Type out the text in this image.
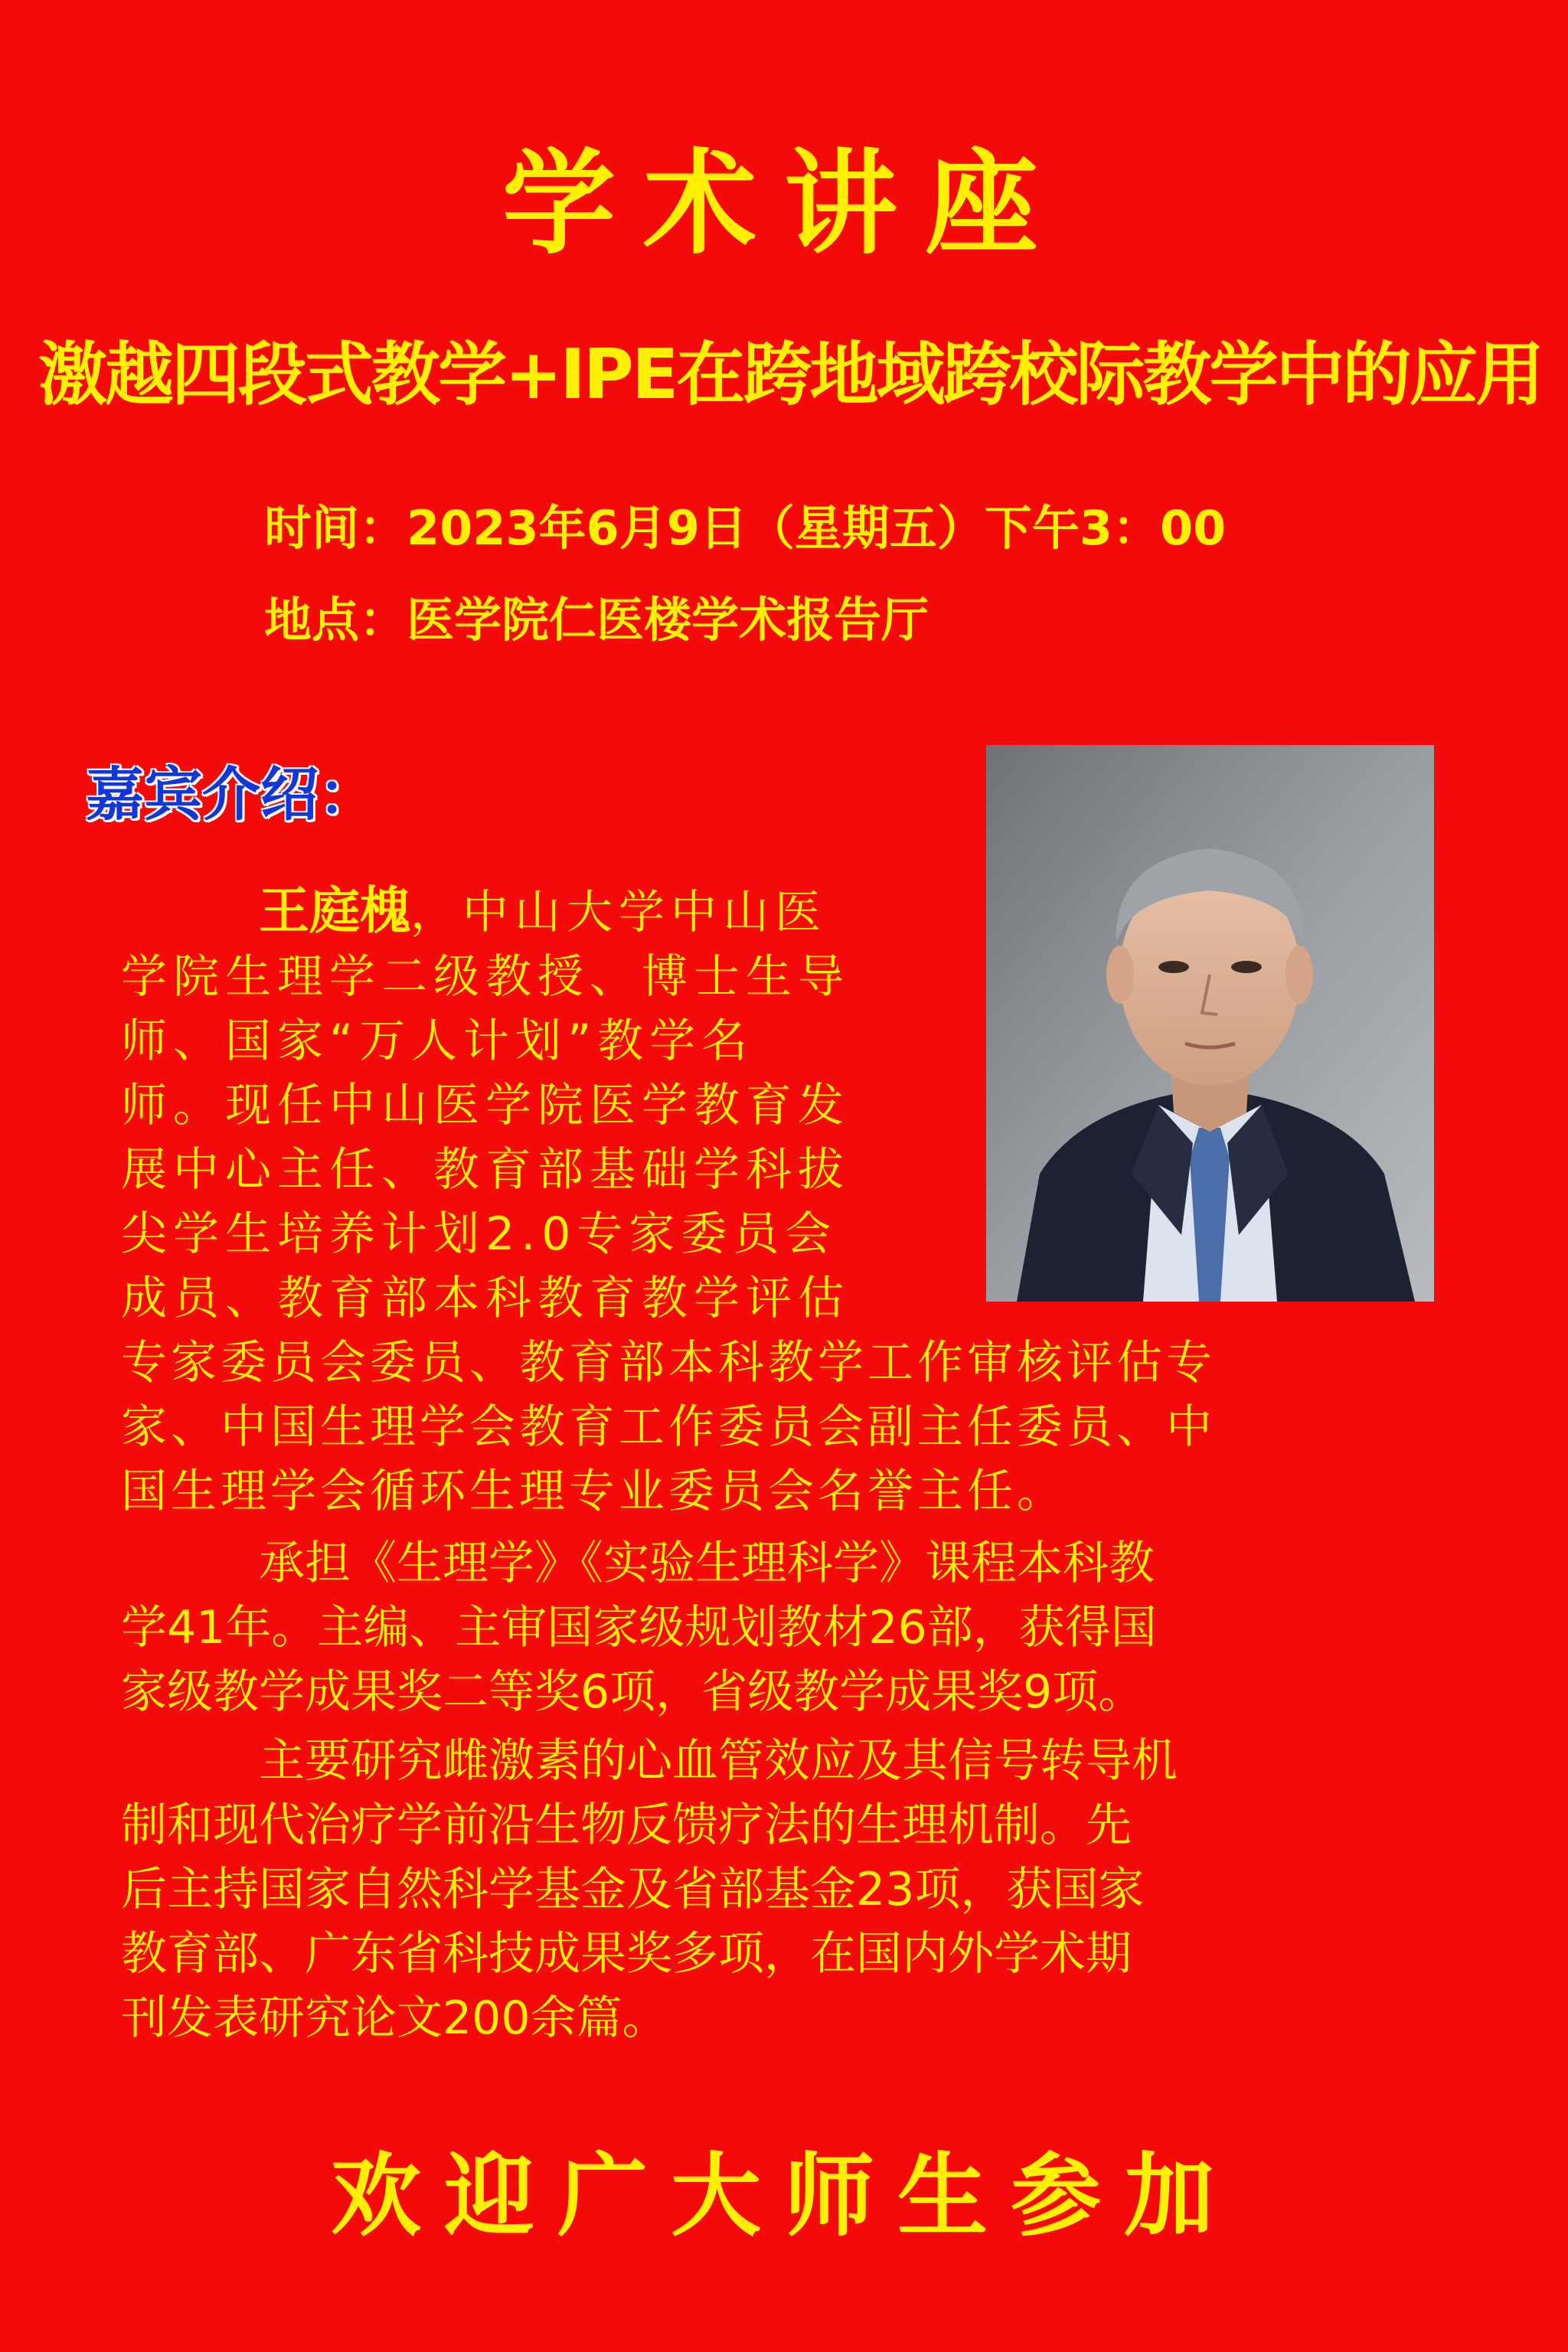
学术讲座
激越四段式教学+IPE在跨地域跨校际教学中的应用
时间：2023年6月9日（星期五）下午3：00
地点：医学院仁医楼学术报告厅
嘉宾介绍：
王庭槐，中山大学中山医
学院生理学二级教授、博士生导
师、国家“万人计划”教学名
师。现任中山医学院医学教育发
展中心主任、教育部基础学科拔
尖学生培养计划2.0专家委员会
成员、教育部本科教育教学评估
专家委员会委员、教育部本科教学工作审核评估专
家、中国生理学会教育工作委员会副主任委员、中
国生理学会循环生理专业委员会名誉主任。
承担《生理学》《实验生理科学》课程本科教
学41年。主编、主审国家级规划教材26部，获得国
家级教学成果奖二等奖6项，省级教学成果奖9项。
主要研究雌激素的心血管效应及其信号转导机
制和现代治疗学前沿生物反馈疗法的生理机制。先
后主持国家自然科学基金及省部基金23项，获国家
教育部、广东省科技成果奖多项，在国内外学术期
刊发表研究论文200余篇。
欢迎广大师生参加
